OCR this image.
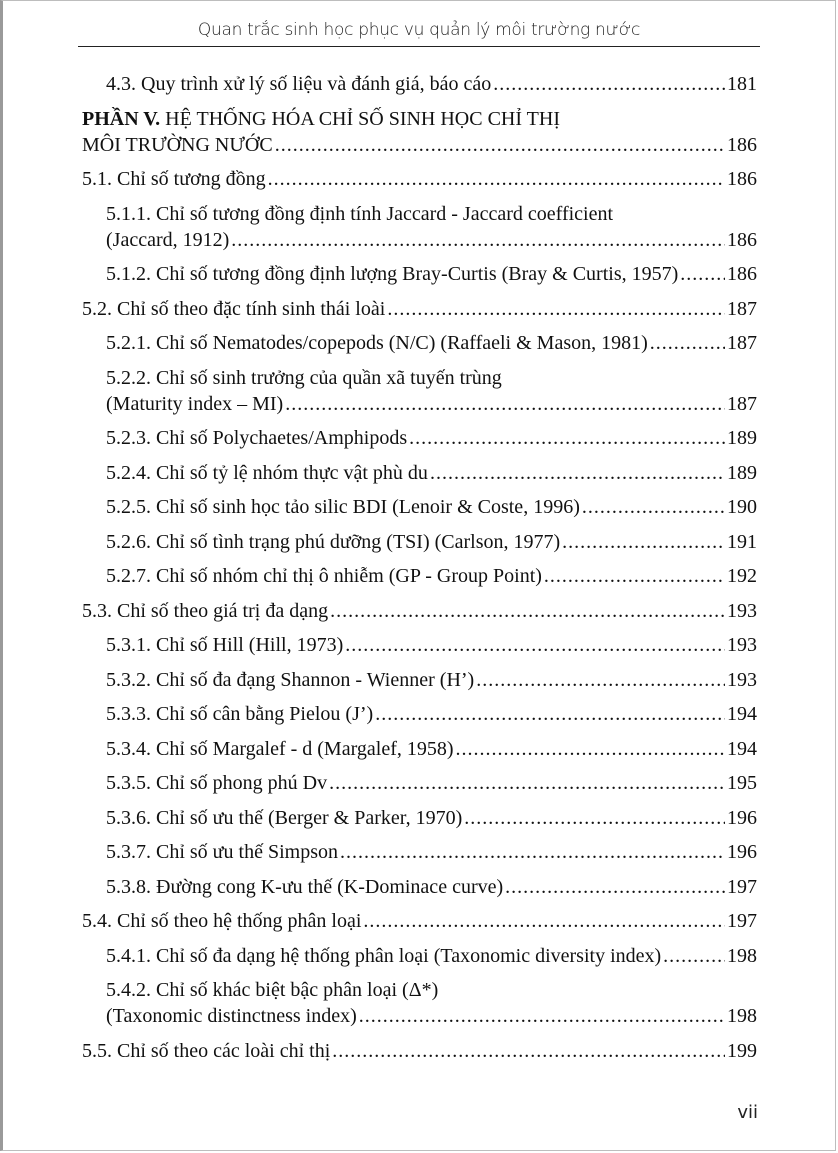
Quan trắc sinh học phục vụ quản lý môi trường nước
4.3. Quy trình xử lý số liệu và đánh giá, báo cáo .....	181
PHẦN V. HỆ THỐNG HÓA CHỈ SỐ SINH HỌC CHỈ THỊ
MÔI TRƯỜNG NƯỚC .....	186
5.1. Chỉ số tương đồng .....	186
5.1.1. Chỉ số tương đồng định tính Jaccard - Jaccard coefficient
(Jaccard, 1912) .....	186
5.1.2. Chỉ số tương đồng định lượng Bray-Curtis (Bray & Curtis, 1957) ..... 186
5.2. Chỉ số theo đặc tính sinh thái loài .....	187
5.2.1. Chỉ số Nematodes/copepods (N/C) (Raffaeli & Mason, 1981) .....	187
5.2.2. Chỉ số sinh trưởng của quần xã tuyến trùng
(Maturity index – MI) .....	187
5.2.3. Chỉ số Polychaetes/Amphipods .....	189
5.2.4. Chỉ số tỷ lệ nhóm thực vật phù du .....	189
5.2.5. Chỉ số sinh học tảo silic BDI (Lenoir & Coste, 1996) .....	190
5.2.6. Chỉ số tình trạng phú dưỡng (TSI) (Carlson, 1977) .....	191
5.2.7. Chỉ số nhóm chỉ thị ô nhiễm (GP - Group Point) .....	192
5.3. Chỉ số theo giá trị đa dạng .....	193
5.3.1. Chỉ số Hill (Hill, 1973) .....	193
5.3.2. Chỉ số đa đạng Shannon - Wienner (H’) .....	193
5.3.3. Chỉ số cân bằng Pielou (J’) .....	194
5.3.4. Chỉ số Margalef - d (Margalef, 1958) .....	194
5.3.5. Chỉ số phong phú Dv .....	195
5.3.6. Chỉ số ưu thế (Berger & Parker, 1970) .....	196
5.3.7. Chỉ số ưu thế Simpson .....	196
5.3.8. Đường cong K-ưu thế (K-Dominace curve) .....	197
5.4. Chỉ số theo hệ thống phân loại .....	197
5.4.1. Chỉ số đa dạng hệ thống phân loại (Taxonomic diversity index) .....	198
5.4.2. Chỉ số khác biệt bậc phân loại (Δ*)
(Taxonomic distinctness index) .....	198
5.5. Chỉ số theo các loài chỉ thị .....	199
vii
